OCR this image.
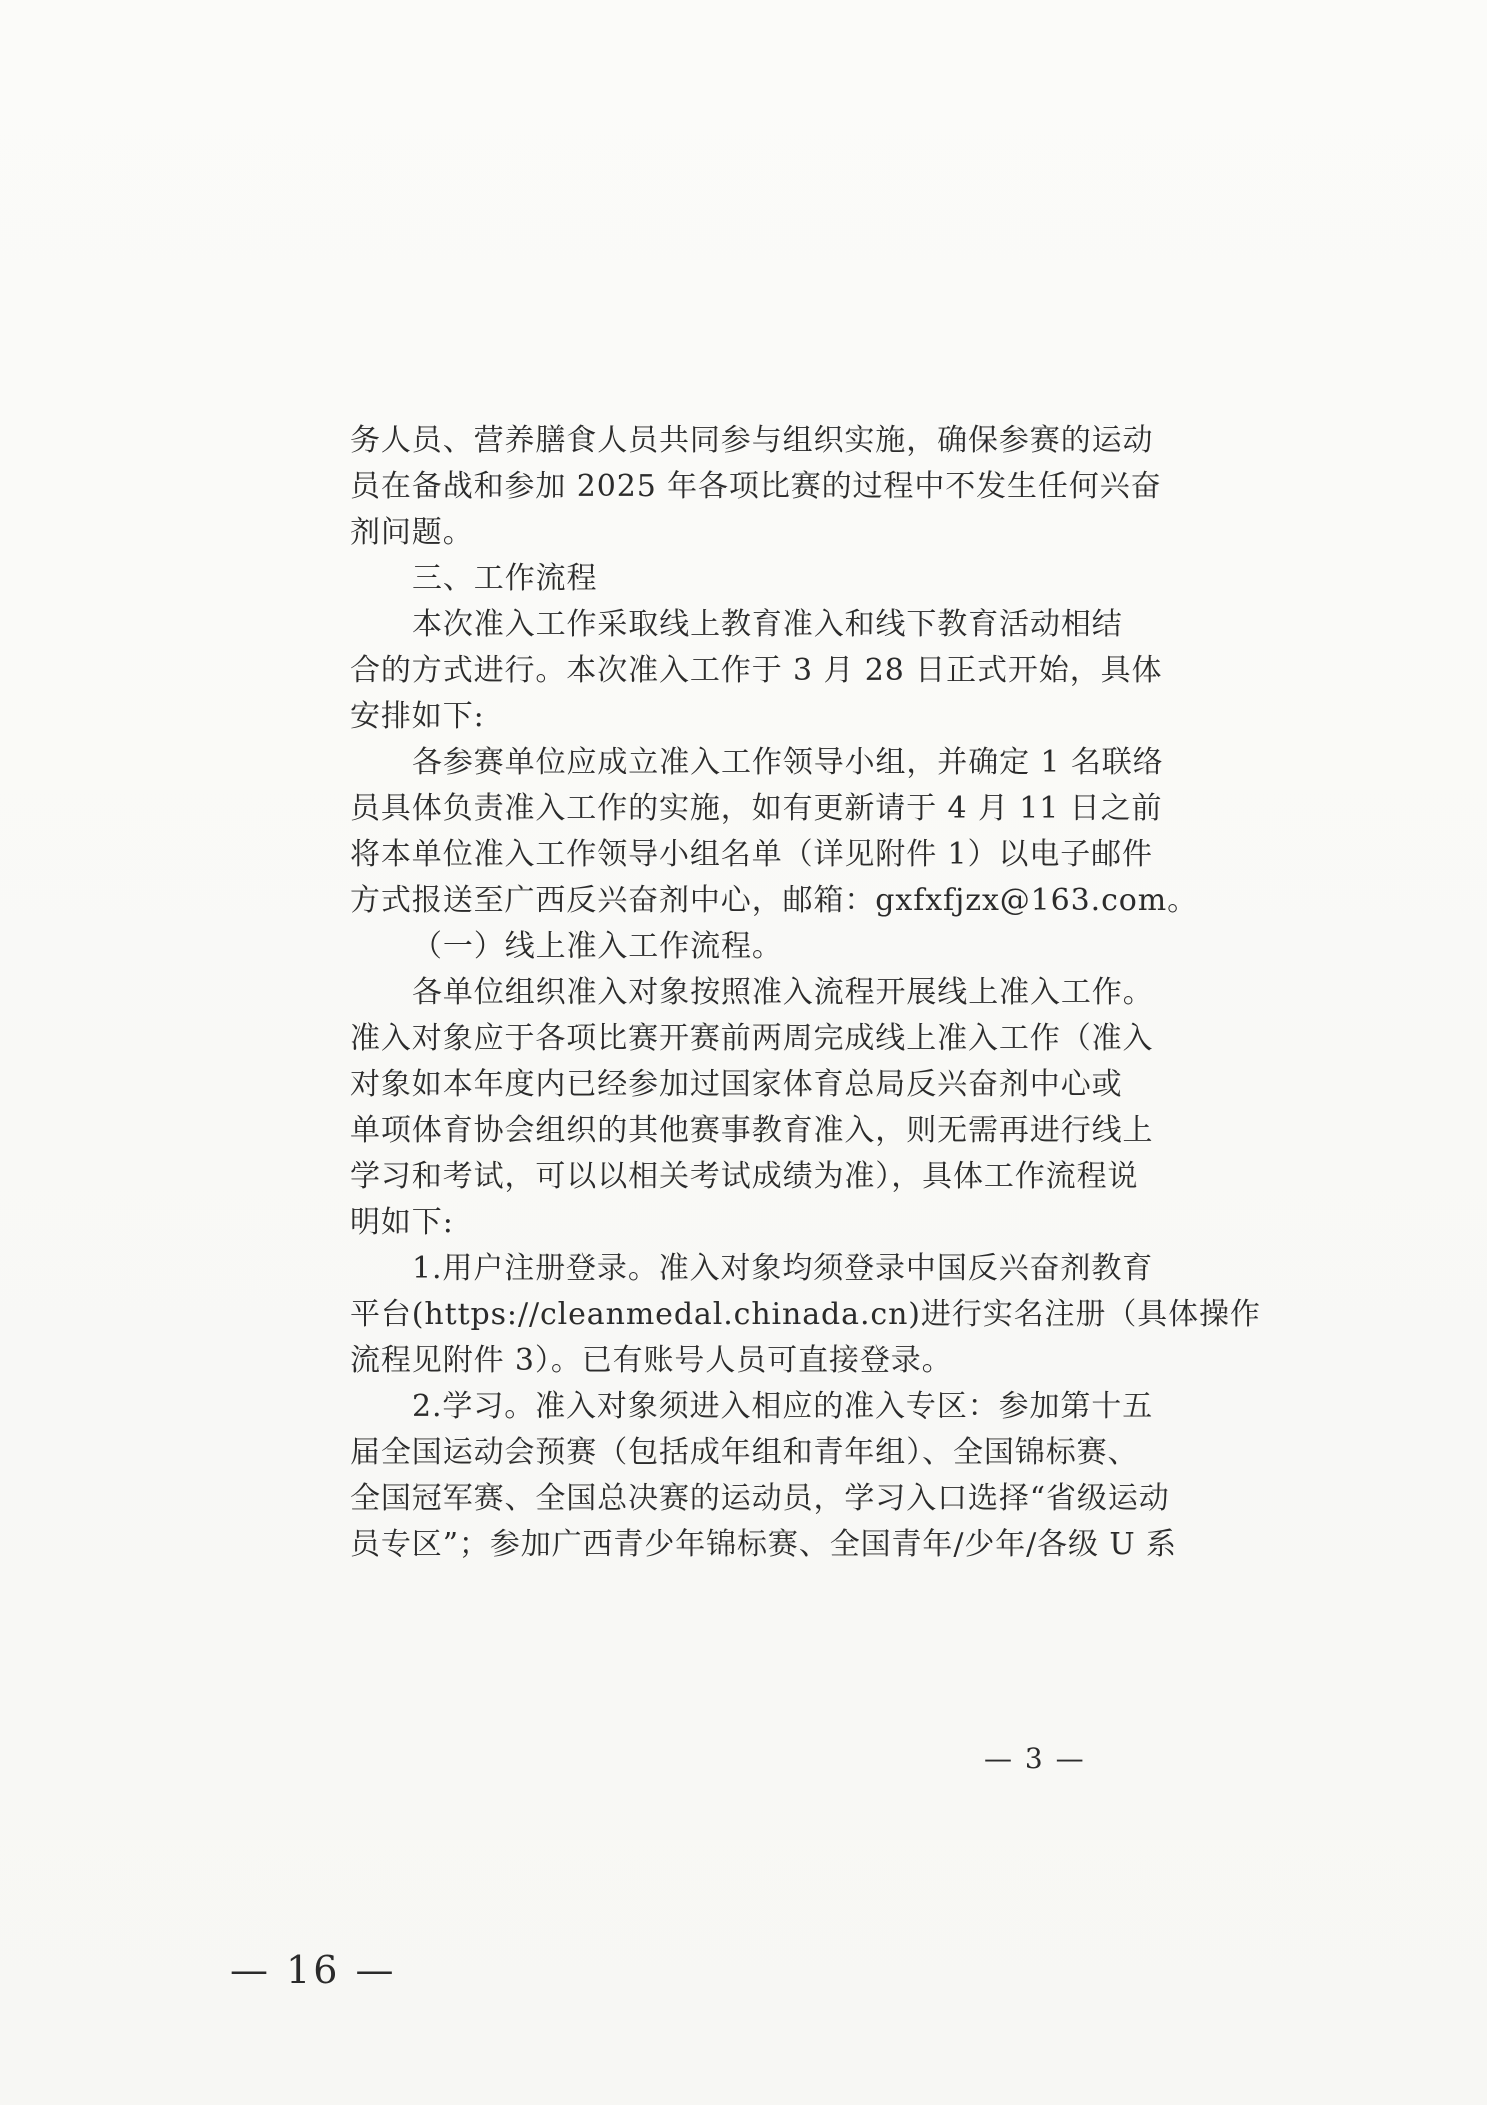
务人员、营养膳食人员共同参与组织实施，确保参赛的运动
员在备战和参加 2025 年各项比赛的过程中不发生任何兴奋
剂问题。
三、工作流程
本次准入工作采取线上教育准入和线下教育活动相结
合的方式进行。本次准入工作于 3 月 28 日正式开始，具体
安排如下:
各参赛单位应成立准入工作领导小组，并确定 1 名联络
员具体负责准入工作的实施，如有更新请于 4 月 11 日之前
将本单位准入工作领导小组名单（详见附件 1）以电子邮件
方式报送至广西反兴奋剂中心，邮箱：gxfxfjzx@163.com。
（一）线上准入工作流程。
各单位组织准入对象按照准入流程开展线上准入工作。
准入对象应于各项比赛开赛前两周完成线上准入工作（准入
对象如本年度内已经参加过国家体育总局反兴奋剂中心或
单项体育协会组织的其他赛事教育准入，则无需再进行线上
学习和考试，可以以相关考试成绩为准），具体工作流程说
明如下:
1.用户注册登录。准入对象均须登录中国反兴奋剂教育
平台(https://cleanmedal.chinada.cn)进行实名注册（具体操作
流程见附件 3）。已有账号人员可直接登录。
2.学习。准入对象须进入相应的准入专区：参加第十五
届全国运动会预赛（包括成年组和青年组）、全国锦标赛、
全国冠军赛、全国总决赛的运动员，学习入口选择“省级运动
员专区”；参加广西青少年锦标赛、全国青年/少年/各级 U 系
— 3 —
— 16 —
